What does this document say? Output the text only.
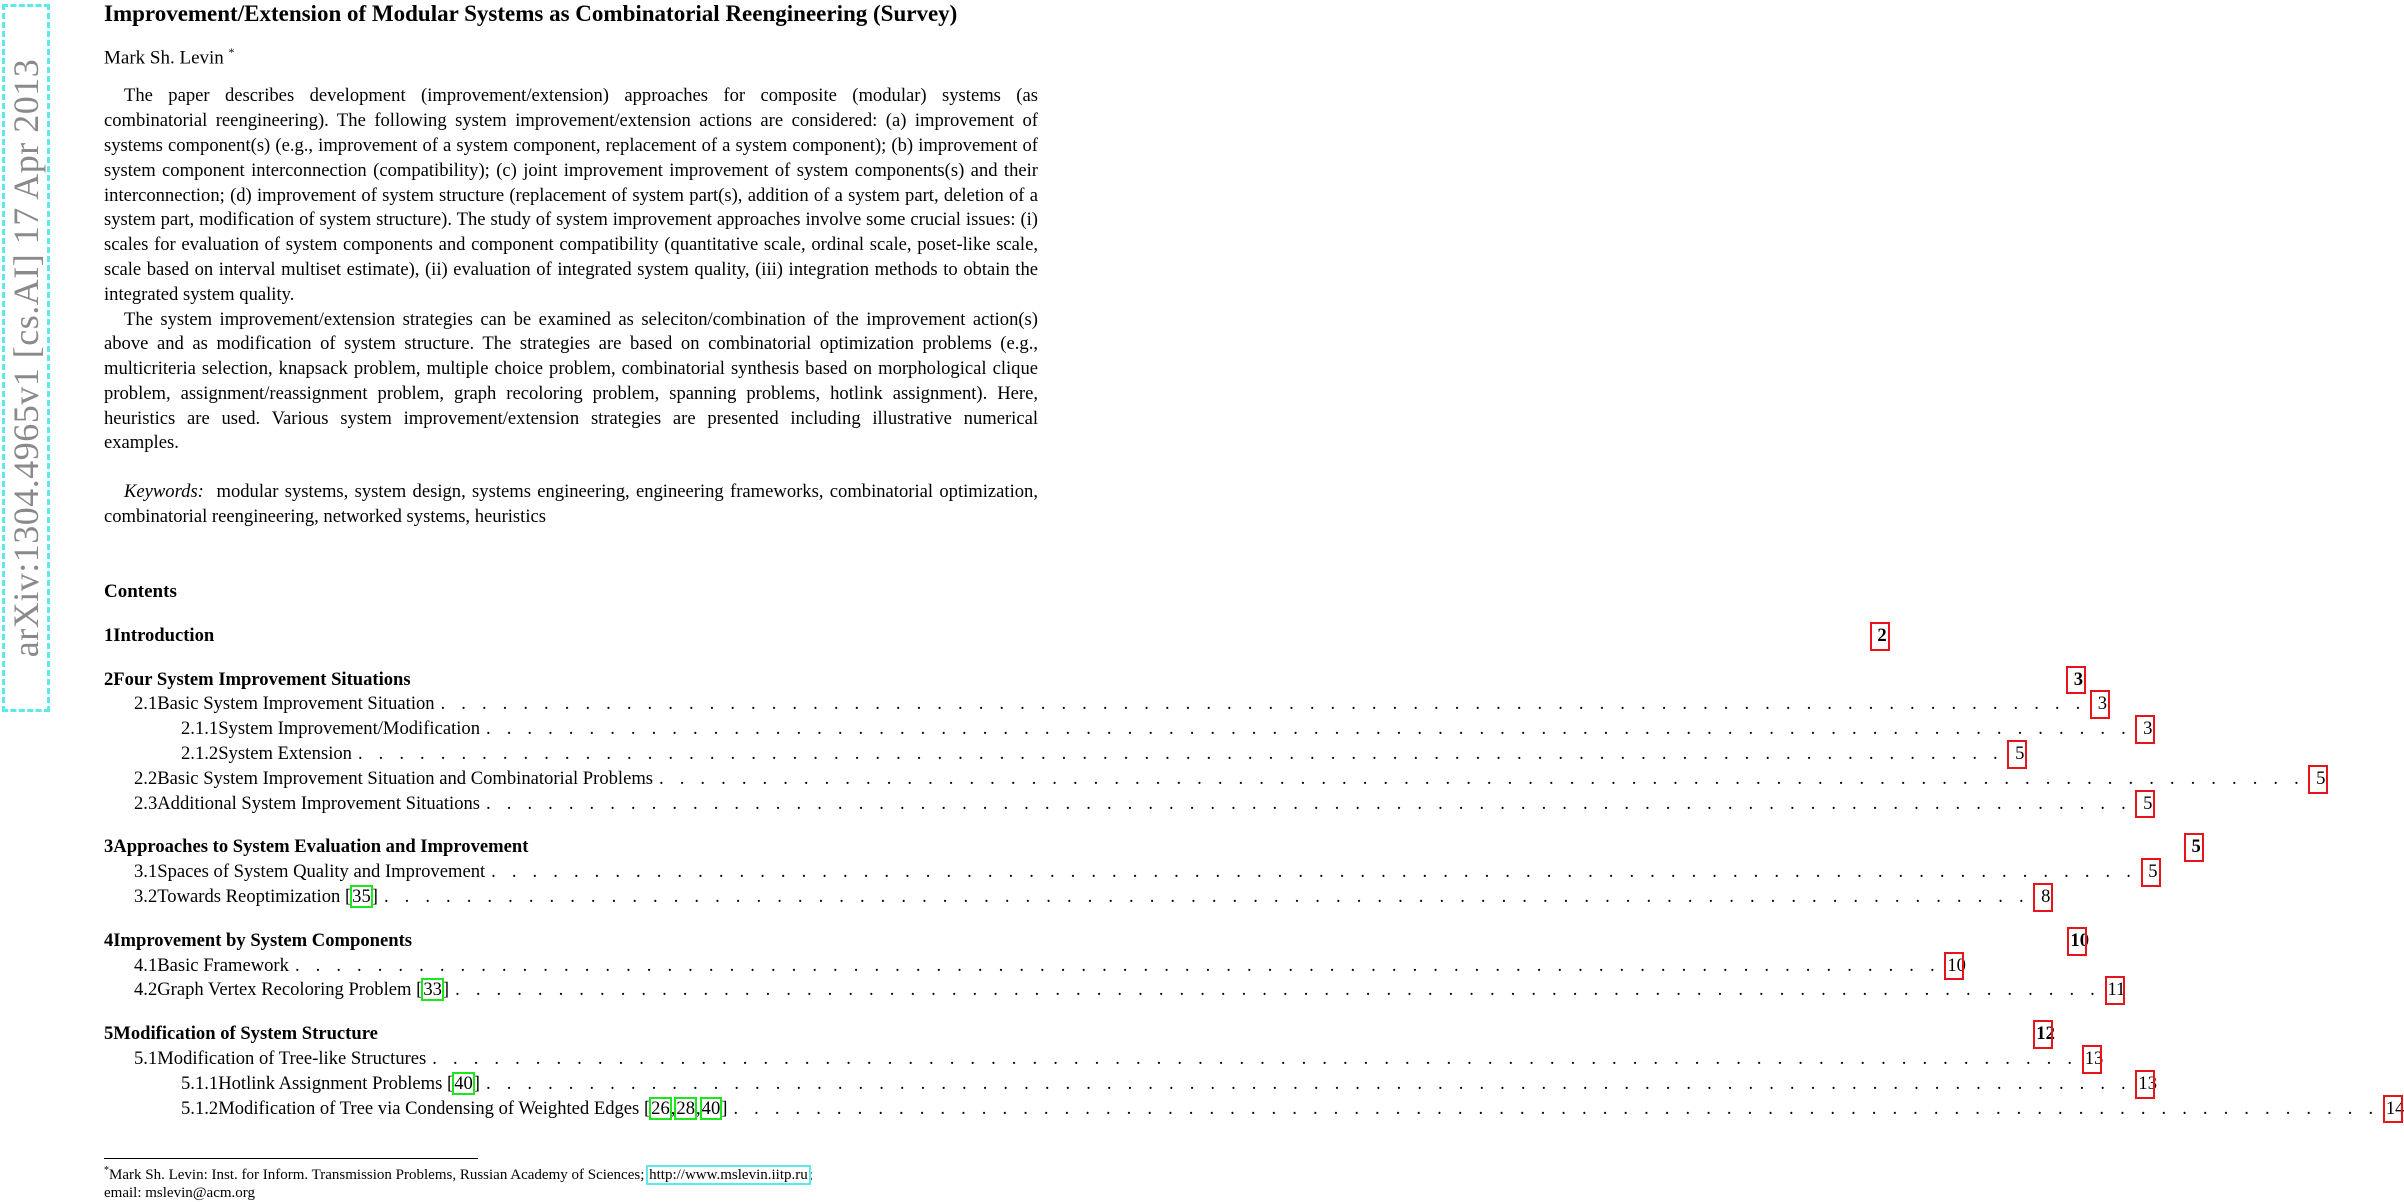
arXiv:1304.4965v1 [cs.AI] 17 Apr 2013
Improvement/Extension of Modular Systems as Combinatorial Reengineering (Survey)
Mark Sh. Levin *

The paper describes development (improvement/extension) approaches for composite (modular) systems (as combinatorial reengineering). The following system improvement/extension actions are considered: (a) improvement of systems component(s) (e.g., improvement of a system component, replacement of a system component); (b) improvement of system component interconnection (compatibility); (c) joint improvement improvement of system components(s) and their interconnection; (d) improvement of system structure (replacement of system part(s), addition of a system part, deletion of a system part, modification of system structure). The study of system improvement approaches involve some crucial issues: (i) scales for evaluation of system components and component compatibility (quantitative scale, ordinal scale, poset-like scale, scale based on interval multiset estimate), (ii) evaluation of integrated system quality, (iii) integration methods to obtain the integrated system quality.

The system improvement/extension strategies can be examined as seleciton/combination of the improvement action(s) above and as modification of system structure. The strategies are based on combinatorial optimization problems (e.g., multicriteria selection, knapsack problem, multiple choice problem, combinatorial synthesis based on morphological clique problem, assignment/reassignment problem, graph recoloring problem, spanning problems, hotlink assignment). Here, heuristics are used. Various system improvement/extension strategies are presented including illustrative numerical examples.

Keywords: modular systems, system design, systems engineering, engineering frameworks, combinatorial optimization, combinatorial reengineering, networked systems, heuristics
Contents
1 Introduction	2
2 Four System Improvement Situations	3
2.1 Basic System Improvement Situation . . . . . . . . . . . . . . . . . . . . . . . . . . . . . . . . . . . . . . . . . . . . . . . . . . . . . . . . . . . . . . . . . . . . . . . . . . . . . . . . 3
2.1.1 System Improvement/Modification . . . . . . . . . . . . . . . . . . . . . . . . . . . . . . . . . . . . . . . . . . . . . . . . . . . . . . . . . . . . . . . . . . . . . . . . . . . . . . . . 3
2.1.2 System Extension . . . . . . . . . . . . . . . . . . . . . . . . . . . . . . . . . . . . . . . . . . . . . . . . . . . . . . . . . . . . . . . . . . . . . . . . . . . . . . . . 5
2.2 Basic System Improvement Situation and Combinatorial Problems . . . . . . . . . . . . . . . . . . . . . . . . . . . . . . . . . . . . . . . . . . . . . . . . . . . . . . . . . . . . . . . . . . . . . . . . . . . . . . . . 5
2.3 Additional System Improvement Situations . . . . . . . . . . . . . . . . . . . . . . . . . . . . . . . . . . . . . . . . . . . . . . . . . . . . . . . . . . . . . . . . . . . . . . . . . . . . . . . . 5
3 Approaches to System Evaluation and Improvement	5
3.1 Spaces of System Quality and Improvement . . . . . . . . . . . . . . . . . . . . . . . . . . . . . . . . . . . . . . . . . . . . . . . . . . . . . . . . . . . . . . . . . . . . . . . . . . . . . . . . 5
3.2 Towards Reoptimization [35] . . . . . . . . . . . . . . . . . . . . . . . . . . . . . . . . . . . . . . . . . . . . . . . . . . . . . . . . . . . . . . . . . . . . . . . . . . . . . . . . 8
4 Improvement by System Components	10
4.1 Basic Framework . . . . . . . . . . . . . . . . . . . . . . . . . . . . . . . . . . . . . . . . . . . . . . . . . . . . . . . . . . . . . . . . . . . . . . . . . . . . . . . . 10
4.2 Graph Vertex Recoloring Problem [33] . . . . . . . . . . . . . . . . . . . . . . . . . . . . . . . . . . . . . . . . . . . . . . . . . . . . . . . . . . . . . . . . . . . . . . . . . . . . . . . . 11
5 Modification of System Structure	12
5.1 Modification of Tree-like Structures . . . . . . . . . . . . . . . . . . . . . . . . . . . . . . . . . . . . . . . . . . . . . . . . . . . . . . . . . . . . . . . . . . . . . . . . . . . . . . . . 13
5.1.1 Hotlink Assignment Problems [40] . . . . . . . . . . . . . . . . . . . . . . . . . . . . . . . . . . . . . . . . . . . . . . . . . . . . . . . . . . . . . . . . . . . . . . . . . . . . . . . . 13
5.1.2 Modification of Tree via Condensing of Weighted Edges [26,28,40] . . . . . . . . . . . . . . . . . . . . . . . . . . . . . . . . . . . . . . . . . . . . . . . . . . . . . . . . . . . . . . . . . . . . . . . . . . . . . . . . 14
*Mark Sh. Levin: Inst. for Inform. Transmission Problems, Russian Academy of Sciences; http://www.mslevin.iitp.ru;
email: mslevin@acm.org
